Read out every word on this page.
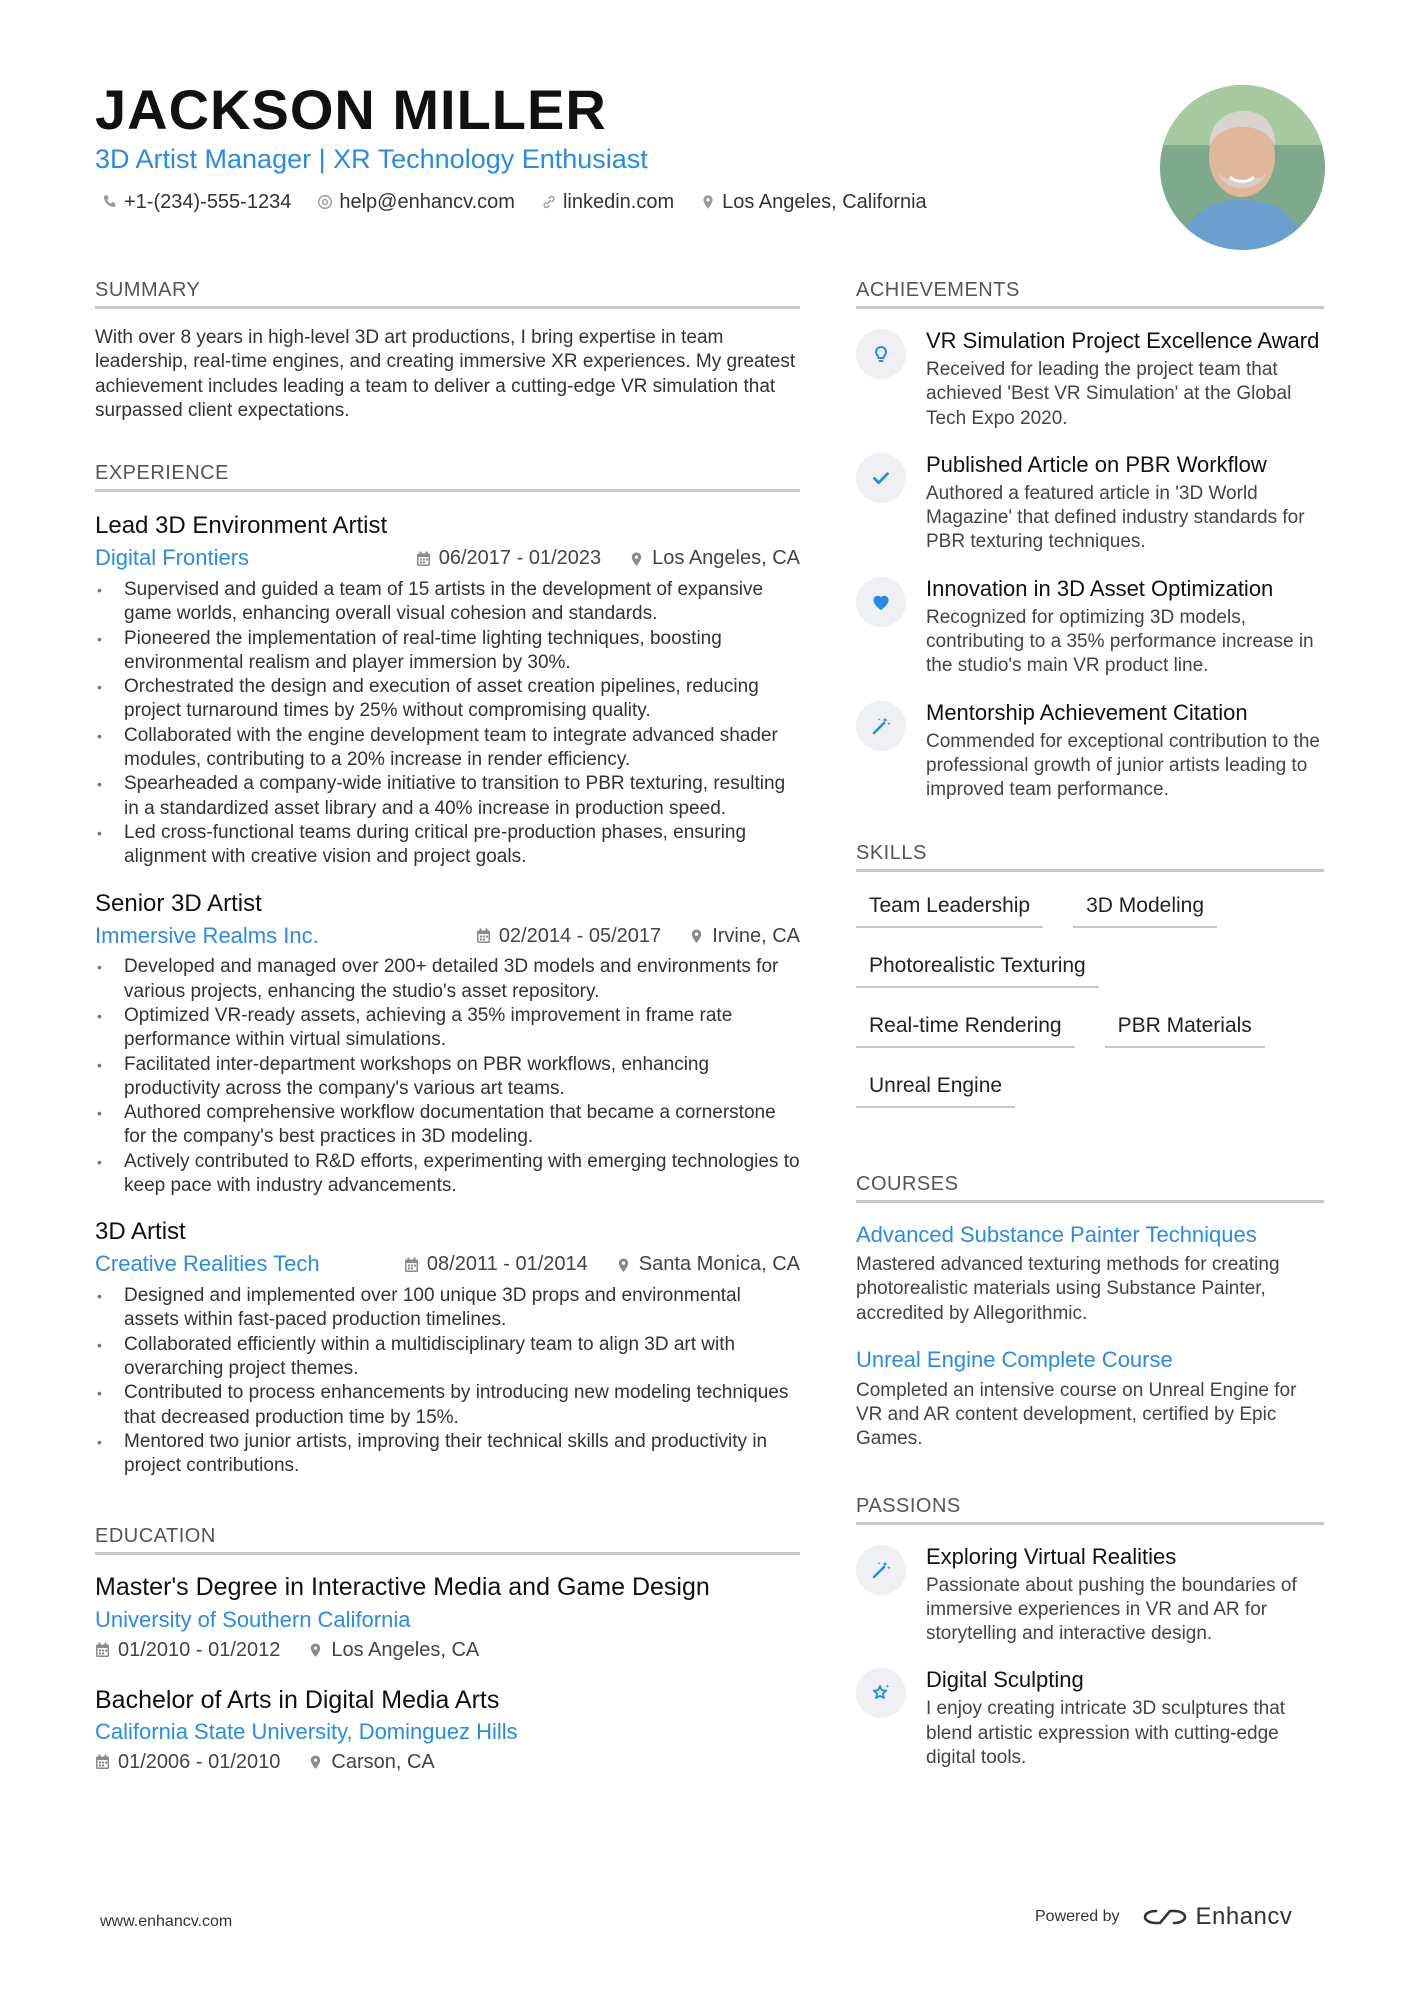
JACKSON MILLER
3D Artist Manager | XR Technology Enthusiast
+1-(234)-555-1234 help@enhancv.com linkedin.com Los Angeles, California
SUMMARY
With over 8 years in high-level 3D art productions, I bring expertise in team leadership, real-time engines, and creating immersive XR experiences. My greatest achievement includes leading a team to deliver a cutting-edge VR simulation that surpassed client expectations.
EXPERIENCE
Lead 3D Environment Artist
Digital Frontiers	06/2017 - 01/2023	Los Angeles, CA
• Supervised and guided a team of 15 artists in the development of expansive game worlds, enhancing overall visual cohesion and standards.
• Pioneered the implementation of real-time lighting techniques, boosting environmental realism and player immersion by 30%.
• Orchestrated the design and execution of asset creation pipelines, reducing project turnaround times by 25% without compromising quality.
• Collaborated with the engine development team to integrate advanced shader modules, contributing to a 20% increase in render efficiency.
• Spearheaded a company-wide initiative to transition to PBR texturing, resulting in a standardized asset library and a 40% increase in production speed.
• Led cross-functional teams during critical pre-production phases, ensuring alignment with creative vision and project goals.
Senior 3D Artist
Immersive Realms Inc.	02/2014 - 05/2017	Irvine, CA
• Developed and managed over 200+ detailed 3D models and environments for various projects, enhancing the studio's asset repository.
• Optimized VR-ready assets, achieving a 35% improvement in frame rate performance within virtual simulations.
• Facilitated inter-department workshops on PBR workflows, enhancing productivity across the company's various art teams.
• Authored comprehensive workflow documentation that became a cornerstone for the company's best practices in 3D modeling.
• Actively contributed to R&D efforts, experimenting with emerging technologies to keep pace with industry advancements.
3D Artist
Creative Realities Tech	08/2011 - 01/2014	Santa Monica, CA
• Designed and implemented over 100 unique 3D props and environmental assets within fast-paced production timelines.
• Collaborated efficiently within a multidisciplinary team to align 3D art with overarching project themes.
• Contributed to process enhancements by introducing new modeling techniques that decreased production time by 15%.
• Mentored two junior artists, improving their technical skills and productivity in project contributions.
EDUCATION
Master's Degree in Interactive Media and Game Design
University of Southern California
01/2010 - 01/2012	Los Angeles, CA
Bachelor of Arts in Digital Media Arts
California State University, Dominguez Hills
01/2006 - 01/2010	Carson, CA
ACHIEVEMENTS
VR Simulation Project Excellence Award
Received for leading the project team that achieved 'Best VR Simulation' at the Global Tech Expo 2020.
Published Article on PBR Workflow
Authored a featured article in '3D World Magazine' that defined industry standards for PBR texturing techniques.
Innovation in 3D Asset Optimization
Recognized for optimizing 3D models, contributing to a 35% performance increase in the studio's main VR product line.
Mentorship Achievement Citation
Commended for exceptional contribution to the professional growth of junior artists leading to improved team performance.
SKILLS
Team Leadership	3D Modeling
Photorealistic Texturing
Real-time Rendering	PBR Materials
Unreal Engine
COURSES
Advanced Substance Painter Techniques
Mastered advanced texturing methods for creating photorealistic materials using Substance Painter, accredited by Allegorithmic.
Unreal Engine Complete Course
Completed an intensive course on Unreal Engine for VR and AR content development, certified by Epic Games.
PASSIONS
Exploring Virtual Realities
Passionate about pushing the boundaries of immersive experiences in VR and AR for storytelling and interactive design.
Digital Sculpting
I enjoy creating intricate 3D sculptures that blend artistic expression with cutting-edge digital tools.
www.enhancv.com	Powered by	Enhancv
